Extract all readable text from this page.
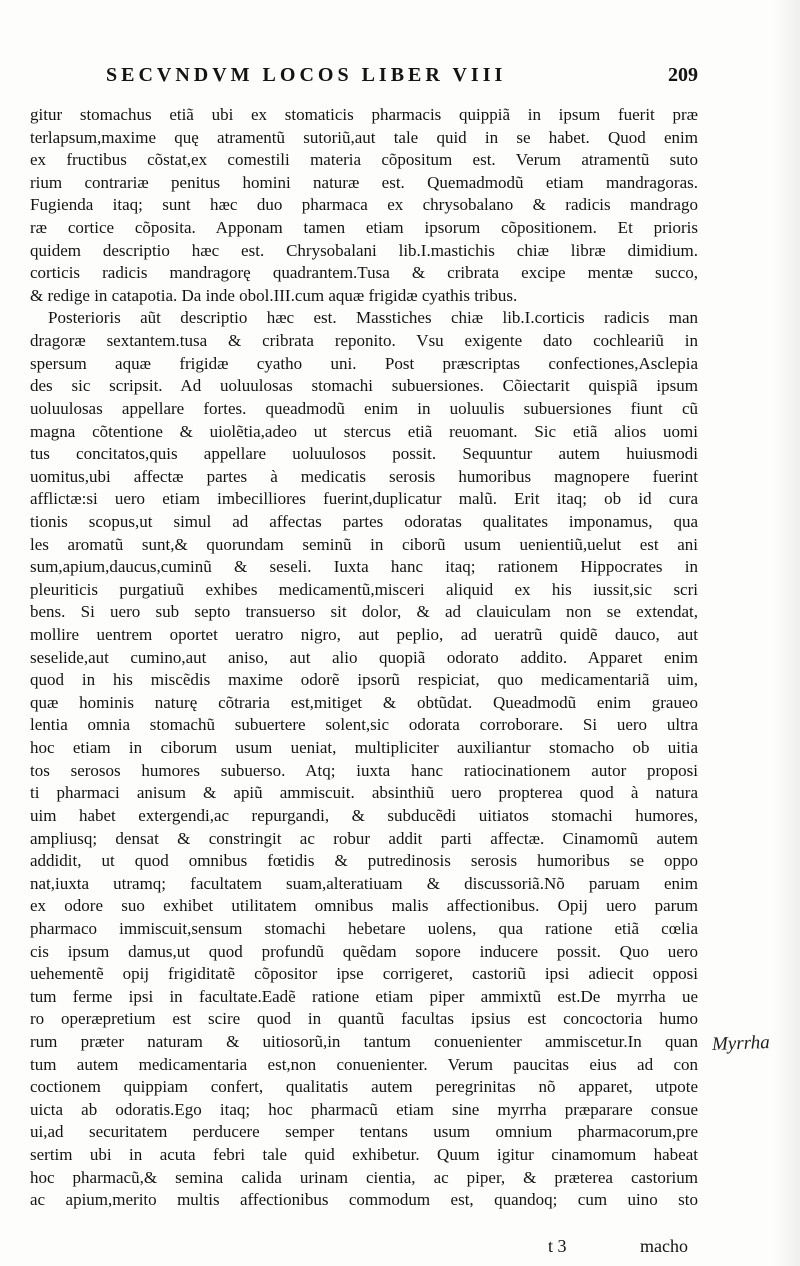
SECVNDVM LOCOS LIBER VIII	209
gitur stomachus etiã ubi ex stomaticis pharmacis quippiã in ipsum fuerit præ
terlapsum,maxime quę atramentũ sutoriũ,aut tale quid in se habet. Quod enim
ex fructibus cõstat,ex comestili materia cõpositum est. Verum atramentũ suto
rium contrariæ penitus homini naturæ est. Quemadmodũ etiam mandragoras.
Fugienda itaq; sunt hæc duo pharmaca ex chrysobalano & radicis mandrago
ræ cortice cõposita. Apponam tamen etiam ipsorum cõpositionem. Et prioris
quidem descriptio hæc est. Chrysobalani lib.I.mastichis chiæ libræ dimidium.
corticis radicis mandragorę quadrantem.Tusa & cribrata excipe mentæ succo,
& redige in catapotia. Da inde obol.III.cum aquæ frigidæ cyathis tribus.
Posterioris aũt descriptio hæc est. Masstiches chiæ lib.I.corticis radicis man
dragoræ sextantem.tusa & cribrata reponito. Vsu exigente dato cochleariũ in
spersum aquæ frigidæ cyatho uni. Post præscriptas confectiones,Asclepia
des sic scripsit. Ad uoluulosas stomachi subuersiones. Cõiectarit quispiã ipsum
uoluulosas appellare fortes. queadmodũ enim in uoluulis subuersiones fiunt cũ
magna cõtentione & uiolẽtia,adeo ut stercus etiã reuomant. Sic etiã alios uomi
tus concitatos,quis appellare uoluulosos possit. Sequuntur autem huiusmodi
uomitus,ubi affectæ partes à medicatis serosis humoribus magnopere fuerint
afflictæ:si uero etiam imbecilliores fuerint,duplicatur malũ. Erit itaq; ob id cura
tionis scopus,ut simul ad affectas partes odoratas qualitates imponamus, qua
les aromatũ sunt,& quorundam seminũ in ciborũ usum uenientiũ,uelut est ani
sum,apium,daucus,cuminũ & seseli. Iuxta hanc itaq; rationem Hippocrates in
pleuriticis purgatiuũ exhibes medicamentũ,misceri aliquid ex his iussit,sic scri
bens. Si uero sub septo transuerso sit dolor, & ad clauiculam non se extendat,
mollire uentrem oportet ueratro nigro, aut peplio, ad ueratrũ quidẽ dauco, aut
seselide,aut cumino,aut aniso, aut alio quopiã odorato addito. Apparet enim
quod in his miscẽdis maxime odorẽ ipsorũ respiciat, quo medicamentariã uim,
quæ hominis naturę cõtraria est,mitiget & obtũdat. Queadmodũ enim graueo
lentia omnia stomachũ subuertere solent,sic odorata corroborare. Si uero ultra
hoc etiam in ciborum usum ueniat, multipliciter auxiliantur stomacho ob uitia
tos serosos humores subuerso. Atq; iuxta hanc ratiocinationem autor proposi
ti pharmaci anisum & apiũ ammiscuit. absinthiũ uero propterea quod à natura
uim habet extergendi,ac repurgandi, & subducẽdi uitiatos stomachi humores,
ampliusq; densat & constringit ac robur addit parti affectæ. Cinamomũ autem
addidit, ut quod omnibus fœtidis & putredinosis serosis humoribus se oppo
nat,iuxta utramq; facultatem suam,alteratiuam & discussoriã.Nõ paruam enim
ex odore suo exhibet utilitatem omnibus malis affectionibus. Opij uero parum
pharmaco immiscuit,sensum stomachi hebetare uolens, qua ratione etiã cœlia
cis ipsum damus,ut quod profundũ quẽdam sopore inducere possit. Quo uero
uehementẽ opij frigiditatẽ cõpositor ipse corrigeret, castoriũ ipsi adiecit opposi
tum ferme ipsi in facultate.Eadẽ ratione etiam piper ammixtũ est.De myrrha ue
ro operæpretium est scire quod in quantũ facultas ipsius est concoctoria humo
rum præter naturam & uitiosorũ,in tantum conuenienter ammiscetur.In quan
tum autem medicamentaria est,non conuenienter. Verum paucitas eius ad con
coctionem quippiam confert, qualitatis autem peregrinitas nõ apparet, utpote
uicta ab odoratis.Ego itaq; hoc pharmacũ etiam sine myrrha præparare consue
ui,ad securitatem perducere semper tentans usum omnium pharmacorum,pre
sertim ubi in acuta febri tale quid exhibetur. Quum igitur cinamomum habeat
hoc pharmacũ,& semina calida urinam cientia, ac piper, & præterea castorium
ac apium,merito multis affectionibus commodum est, quandoq; cum uino sto
Myrrha
t 3	macho
